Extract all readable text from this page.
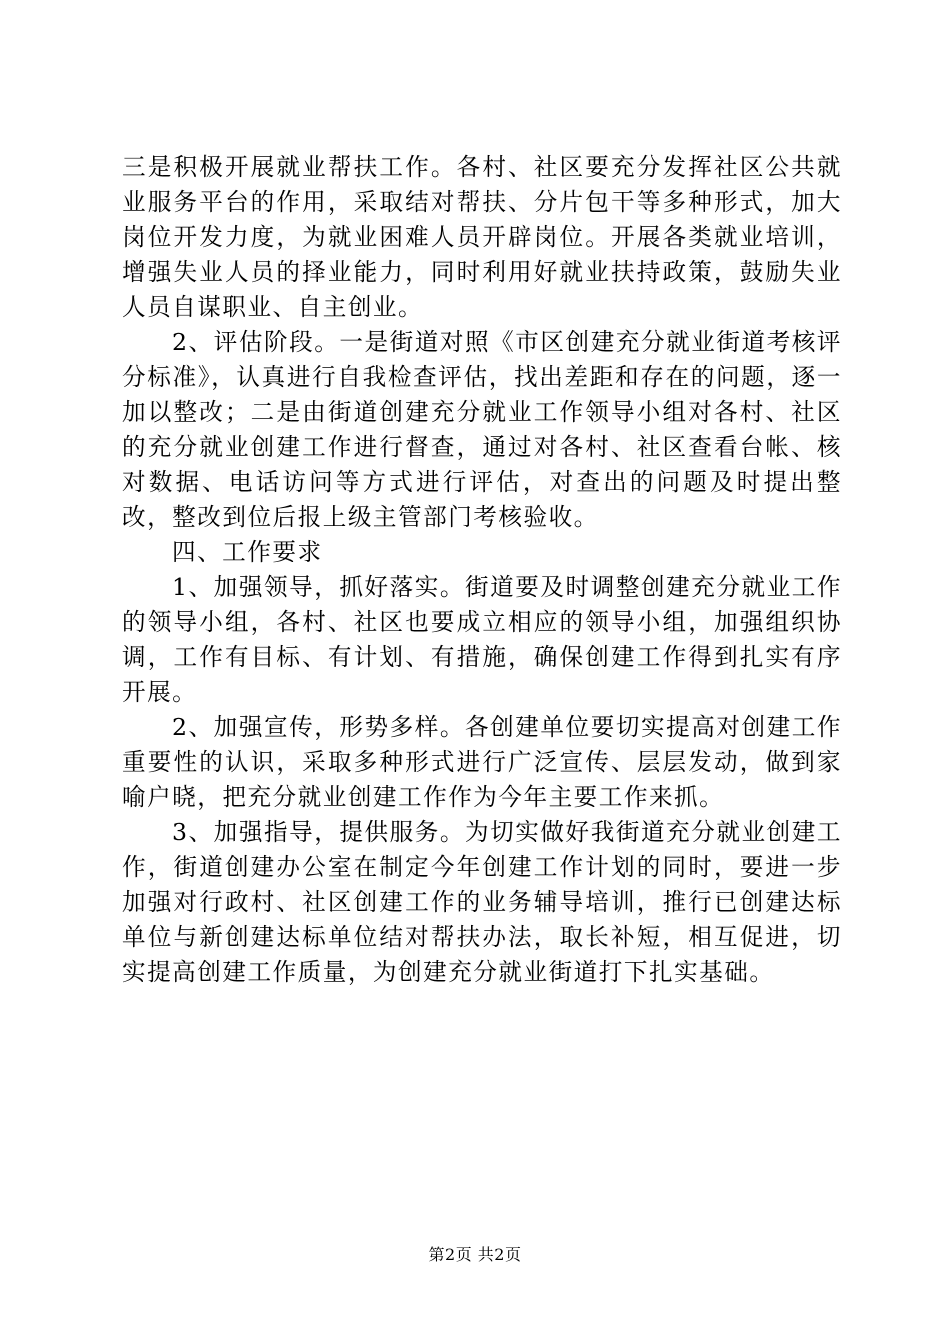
三是积极开展就业帮扶工作。各村、社区要充分发挥社区公共就业服务平台的作用，采取结对帮扶、分片包干等多种形式，加大岗位开发力度，为就业困难人员开辟岗位。开展各类就业培训，增强失业人员的择业能力，同时利用好就业扶持政策，鼓励失业人员自谋职业、自主创业。

2、评估阶段。一是街道对照《市区创建充分就业街道考核评分标准》，认真进行自我检查评估，找出差距和存在的问题，逐一加以整改；二是由街道创建充分就业工作领导小组对各村、社区的充分就业创建工作进行督查，通过对各村、社区查看台帐、核对数据、电话访问等方式进行评估，对查出的问题及时提出整改，整改到位后报上级主管部门考核验收。

四、工作要求

1、加强领导，抓好落实。街道要及时调整创建充分就业工作的领导小组，各村、社区也要成立相应的领导小组，加强组织协调，工作有目标、有计划、有措施，确保创建工作得到扎实有序开展。

2、加强宣传，形势多样。各创建单位要切实提高对创建工作重要性的认识，采取多种形式进行广泛宣传、层层发动，做到家喻户晓，把充分就业创建工作作为今年主要工作来抓。

3、加强指导，提供服务。为切实做好我街道充分就业创建工作，街道创建办公室在制定今年创建工作计划的同时，要进一步加强对行政村、社区创建工作的业务辅导培训，推行已创建达标单位与新创建达标单位结对帮扶办法，取长补短，相互促进，切实提高创建工作质量，为创建充分就业街道打下扎实基础。

第2页 共2页
